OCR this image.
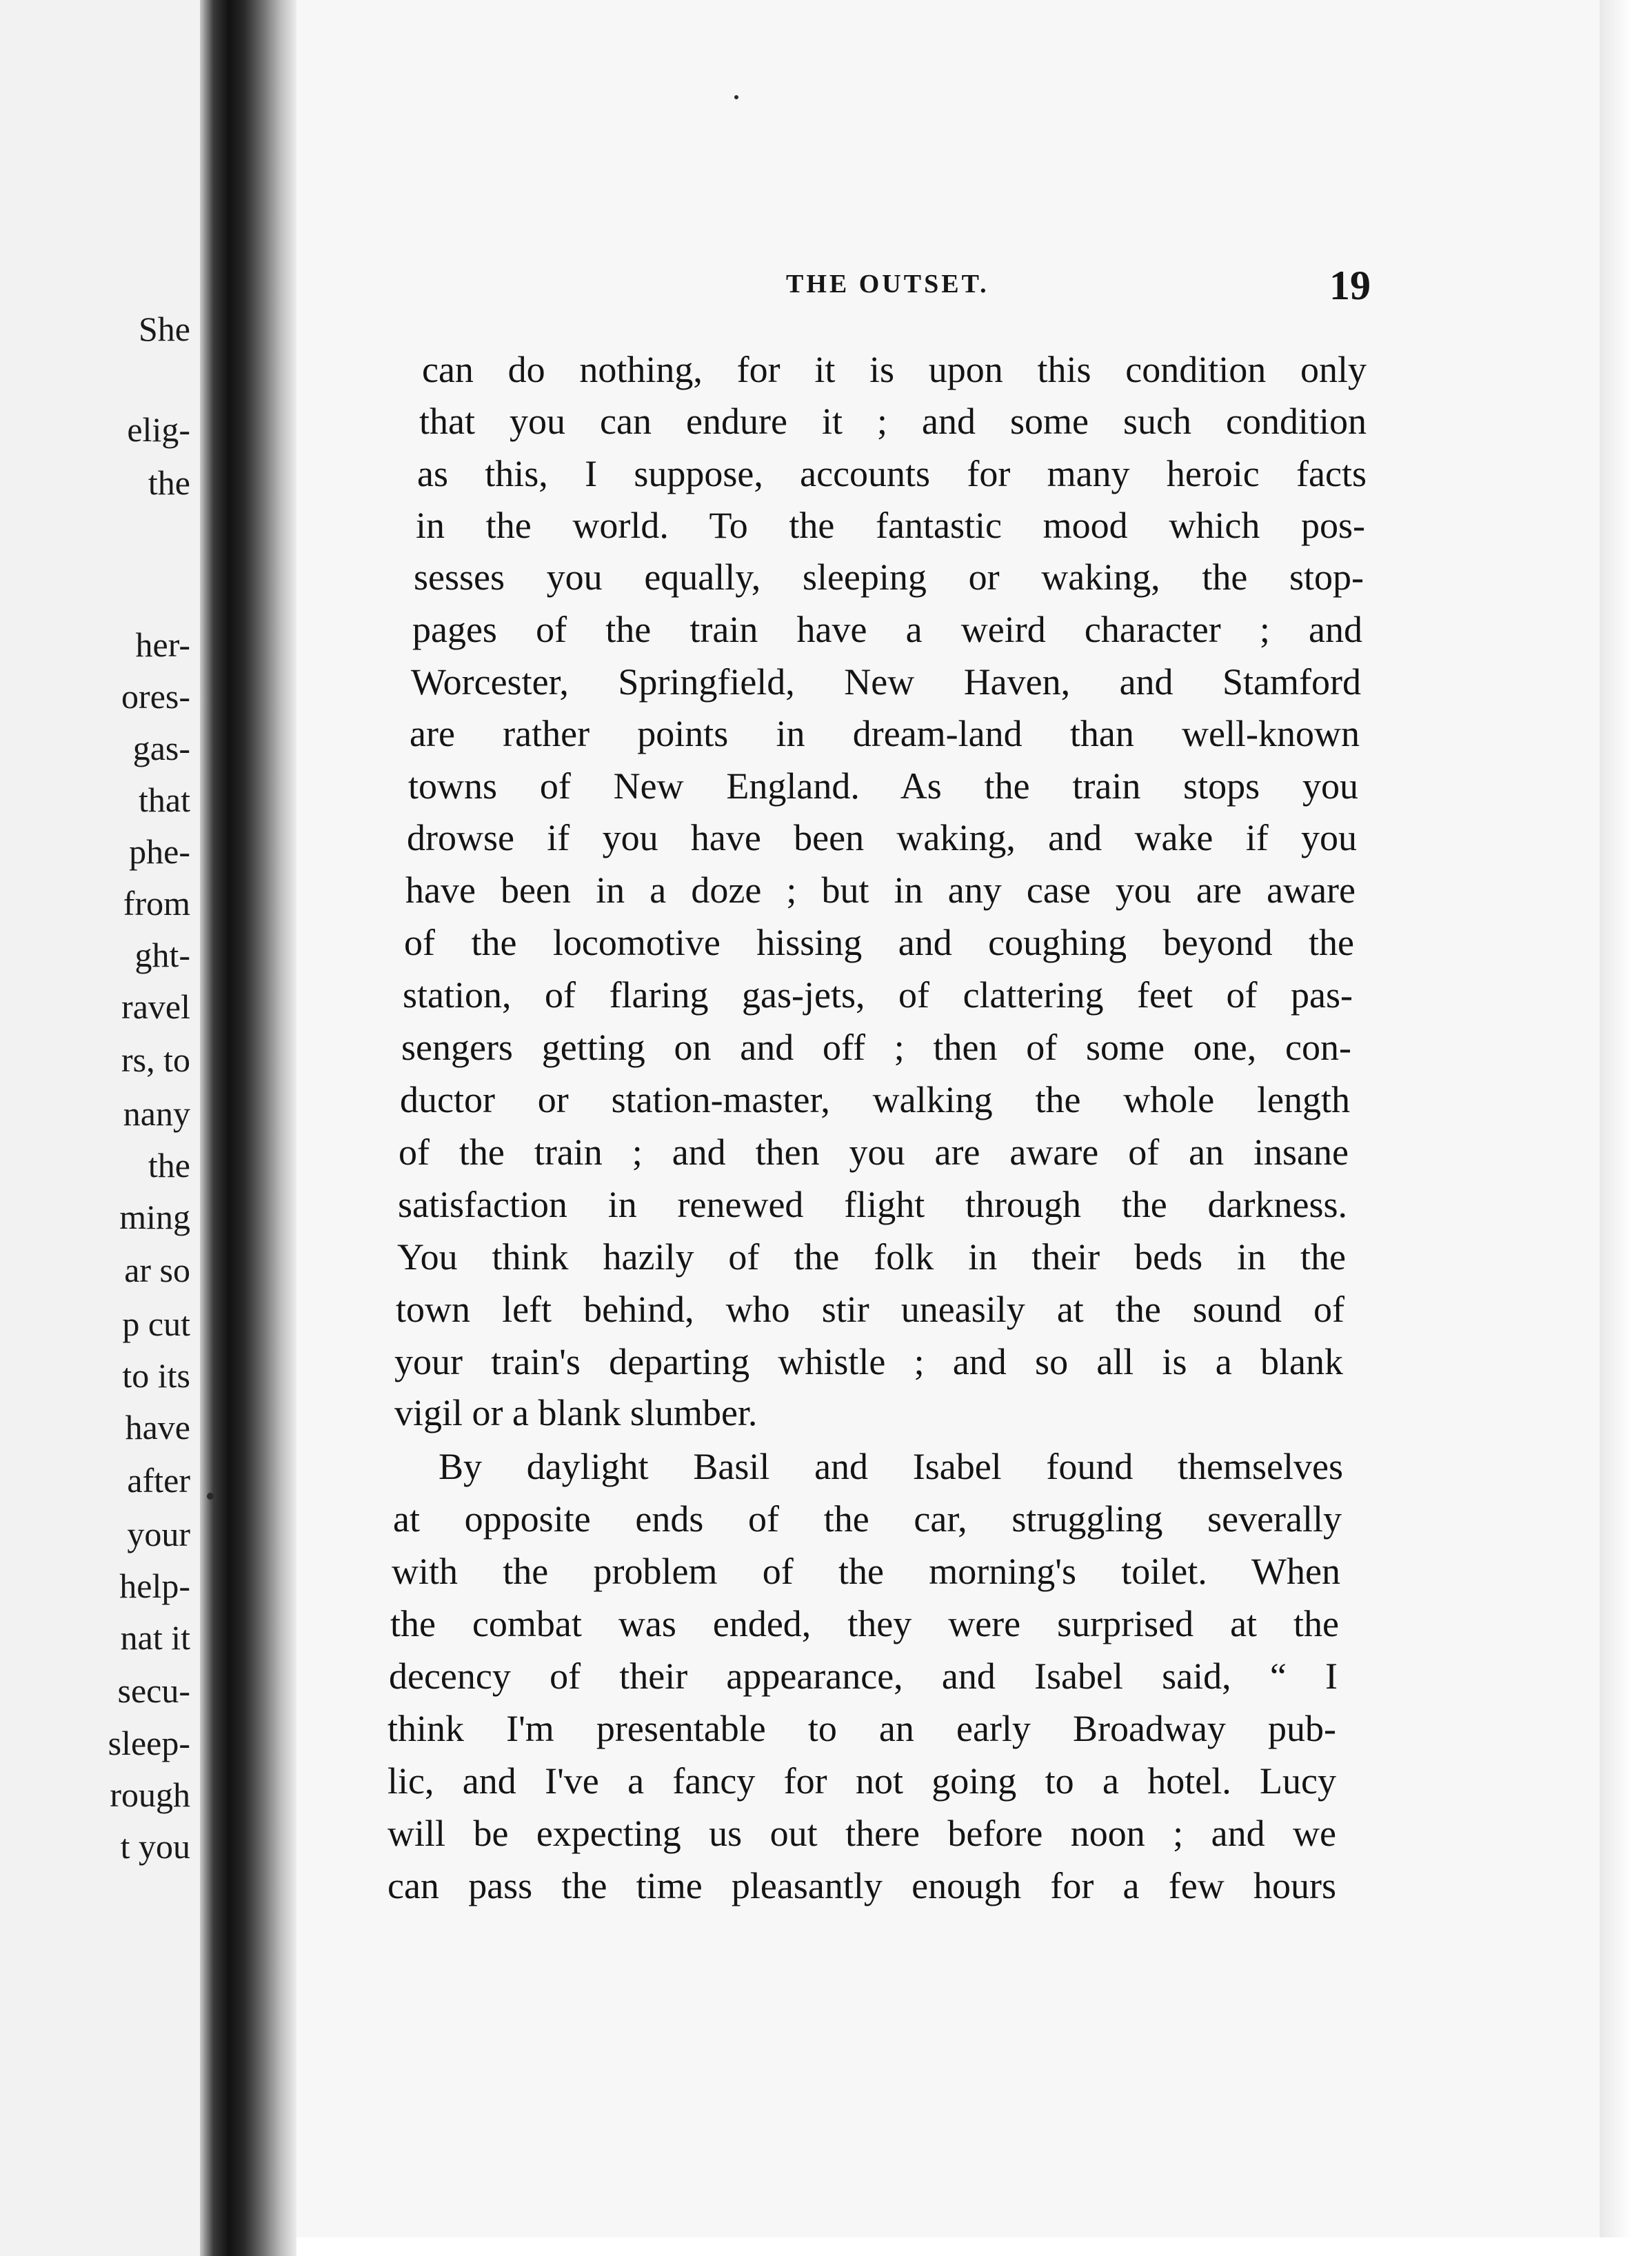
She

elig-

the

her-

ores-

gas-

that

phe-

from

ght-

ravel

rs, to

nany

the

ming

ar so

p cut

to its

have

after

your

help-

nat it

secu-

sleep-

rough

t you

THE OUTSET.	19

can do nothing, for it is upon this condition only

that you can endure it ; and some such condition

as this, I suppose, accounts for many heroic facts

in the world. To the fantastic mood which pos-

sesses you equally, sleeping or waking, the stop-

pages of the train have a weird character ; and

Worcester, Springfield, New Haven, and Stamford

are rather points in dream-land than well-known

towns of New England. As the train stops you

drowse if you have been waking, and wake if you

have been in a doze ; but in any case you are aware

of the locomotive hissing and coughing beyond the

station, of flaring gas-jets, of clattering feet of pas-

sengers getting on and off ; then of some one, con-

ductor or station-master, walking the whole length

of the train ; and then you are aware of an insane

satisfaction in renewed flight through the darkness.

You think hazily of the folk in their beds in the

town left behind, who stir uneasily at the sound of

your train's departing whistle ; and so all is a blank

vigil or a blank slumber.

By daylight Basil and Isabel found themselves

at opposite ends of the car, struggling severally

with the problem of the morning's toilet. When

the combat was ended, they were surprised at the

decency of their appearance, and Isabel said, “ I

think I'm presentable to an early Broadway pub-

lic, and I've a fancy for not going to a hotel. Lucy

will be expecting us out there before noon ; and we

can pass the time pleasantly enough for a few hours
